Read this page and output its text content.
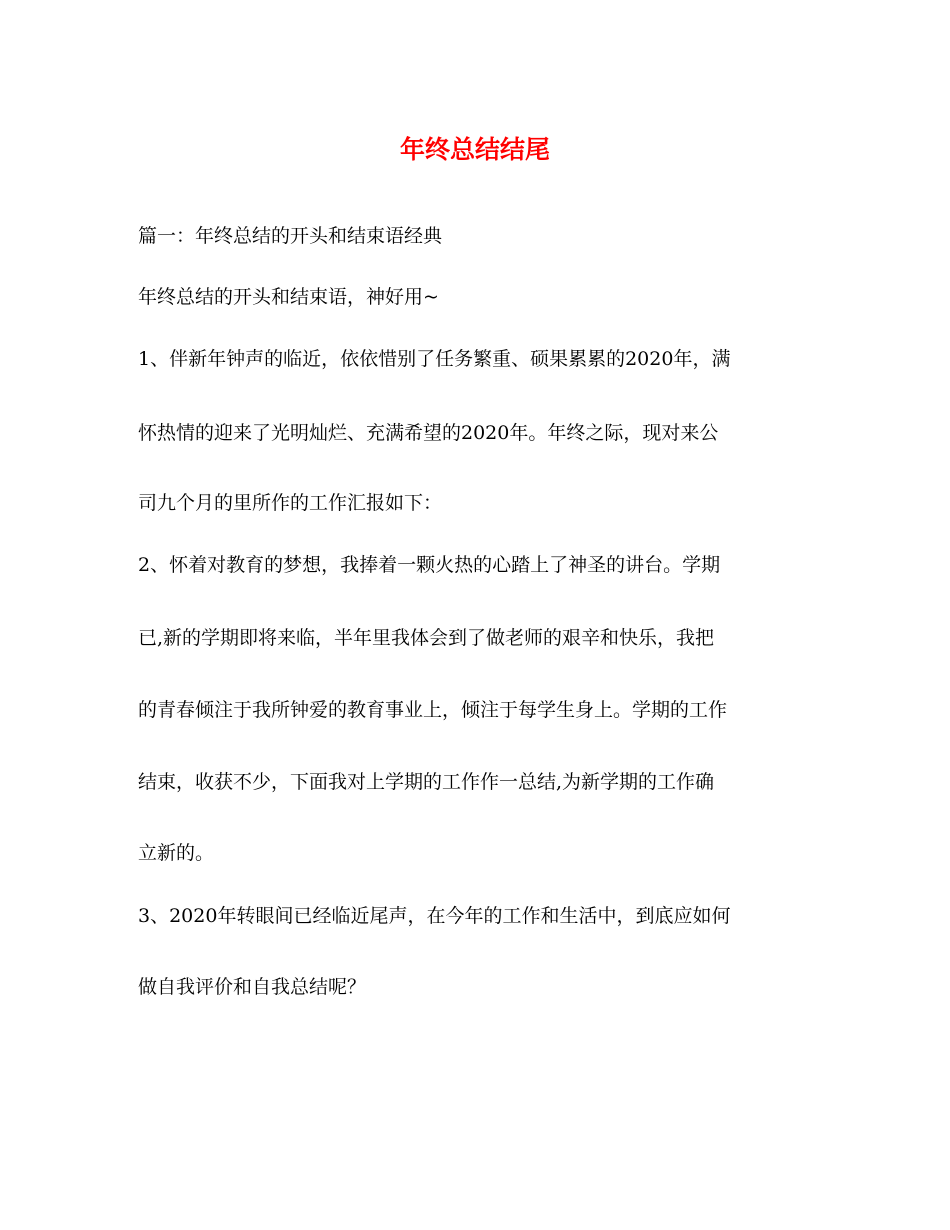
年终总结结尾

篇一：年终总结的开头和结束语经典

年终总结的开头和结束语，神好用~

1、伴新年钟声的临近，依依惜别了任务繁重、硕果累累的2020年，满

怀热情的迎来了光明灿烂、充满希望的2020年。年终之际，现对来公

司九个月的里所作的工作汇报如下：

2、怀着对教育的梦想，我捧着一颗火热的心踏上了神圣的讲台。学期

已,新的学期即将来临，半年里我体会到了做老师的艰辛和快乐，我把

的青春倾注于我所钟爱的教育事业上，倾注于每学生身上。学期的工作

结束，收获不少，下面我对上学期的工作作一总结,为新学期的工作确

立新的。

3、2020年转眼间已经临近尾声，在今年的工作和生活中，到底应如何

做自我评价和自我总结呢？
